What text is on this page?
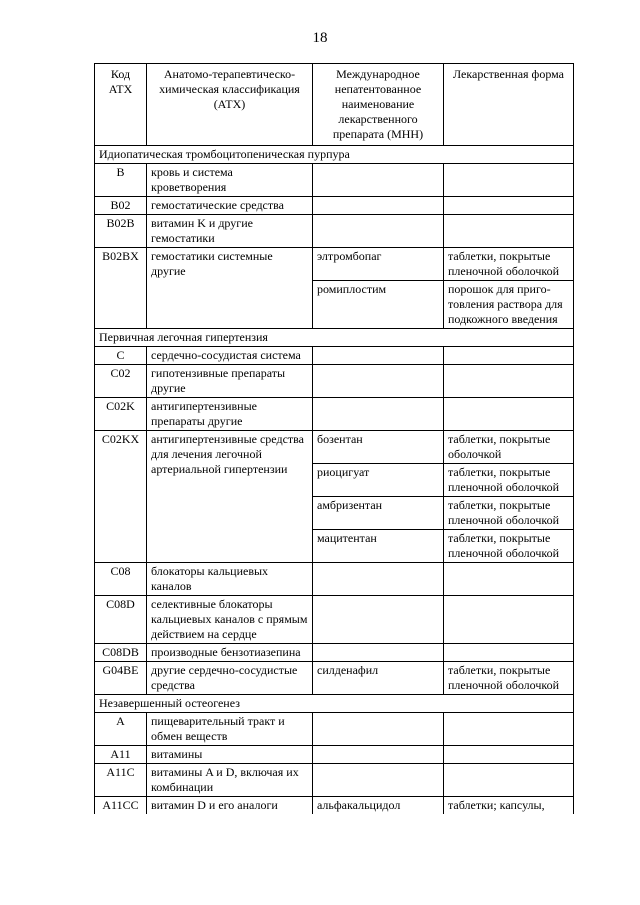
18
Код АТХ	Анатомо-терапевтическо-химическая классификация (АТХ)	Международное непатентованное наименование лекарственного препарата (МНН)	Лекарственная форма
Идиопатическая тромбоцитопеническая пурпура			
B	кровь и система кроветворения		
B02	гемостатические средства		
B02B	витамин K и другие гемостатики		
B02BX	гемостатики системные другие	элтромбопаг	таблетки, покрытые пленочной оболочкой
		ромиплостим	порошок для приго-товления раствора для подкожного введения
Первичная легочная гипертензия			
C	сердечно-сосудистая система		
C02	гипотензивные препараты другие		
C02K	антигипертензивные препараты другие		
C02KX	антигипертензивные средства для лечения легочной артериальной гипертензии	бозентан	таблетки, покрытые оболочкой
		риоцигуат	таблетки, покрытые пленочной оболочкой
		амбризентан	таблетки, покрытые пленочной оболочкой
		мацитентан	таблетки, покрытые пленочной оболочкой
C08	блокаторы кальциевых каналов		
C08D	селективные блокаторы кальциевых каналов с прямым действием на сердце		
C08DB	производные бензотиазепина		
G04BE	другие сердечно-сосудистые средства	силденафил	таблетки, покрытые пленочной оболочкой
Незавершенный остеогенез			
A	пищеварительный тракт и обмен веществ		
A11	витамины		
A11C	витамины A и D, включая их комбинации		
A11CC	витамин D и его аналоги	альфакальцидол	таблетки; капсулы,
